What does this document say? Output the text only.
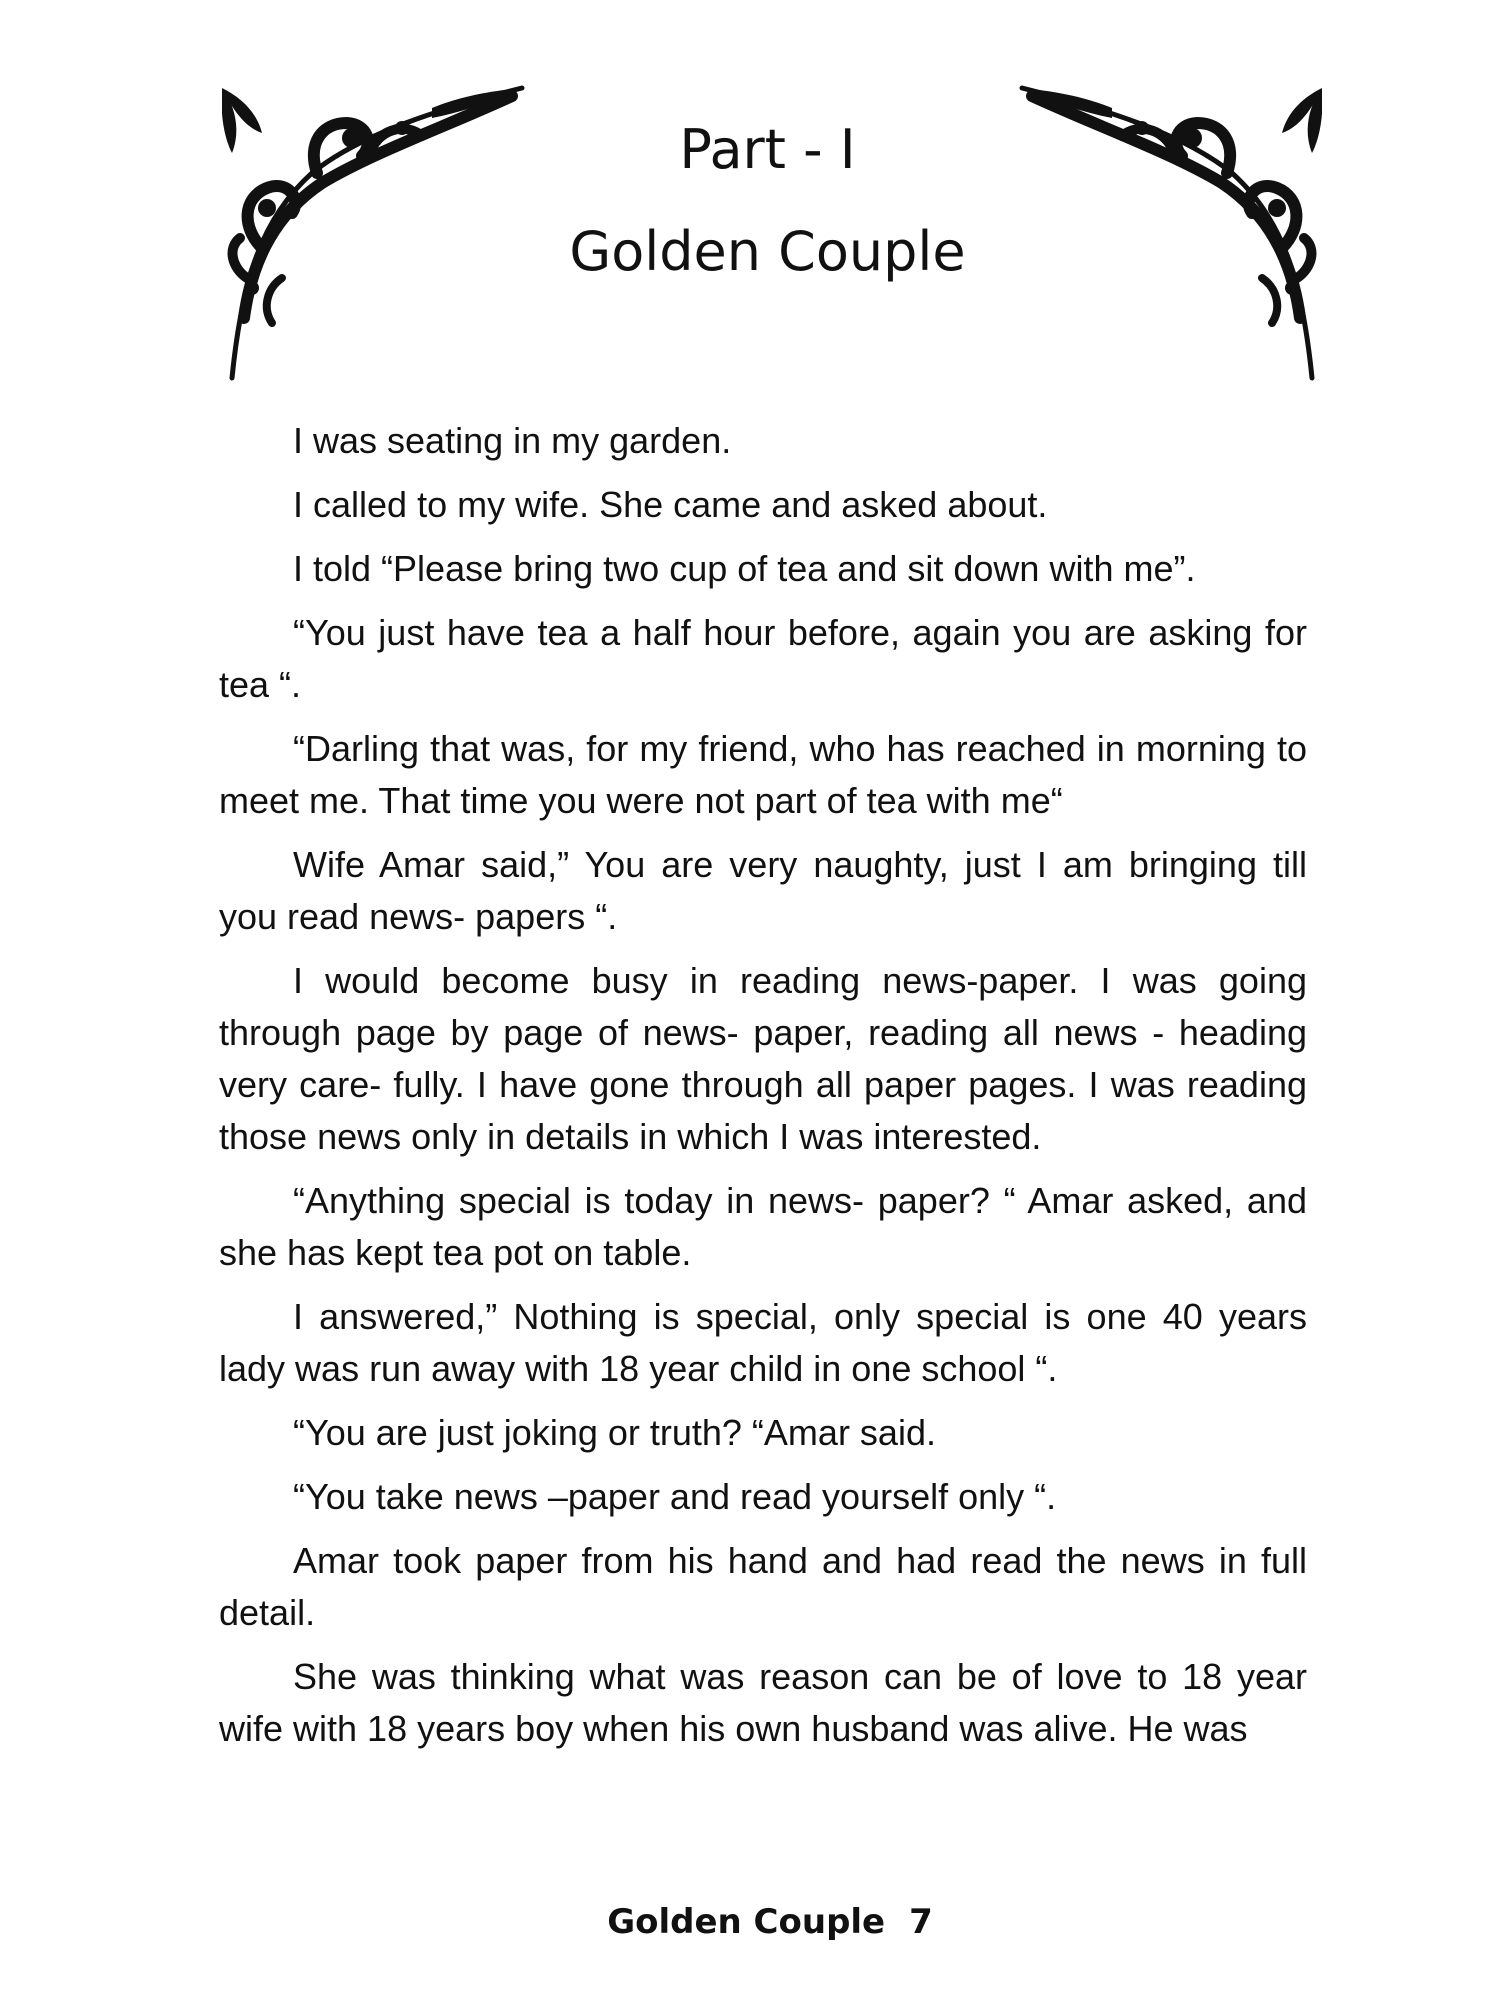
Part - I
Golden Couple

I was seating in my garden.

I called to my wife. She came and asked about.

I told “Please bring two cup of tea and sit down with me”.

“You just have tea a half hour before, again you are asking for tea “.

“Darling that was, for my friend, who has reached in morning to meet me. That time you were not part of tea with me“

Wife Amar said,” You are very naughty, just I am bringing till you read news- papers “.

I would become busy in reading news-paper. I was going through page by page of news- paper, reading all news - heading very care- fully. I have gone through all paper pages. I was reading those news only in details in which I was interested.

“Anything special is today in news- paper? “ Amar asked, and she has kept tea pot on table.

I answered,” Nothing is special, only special is one 40 years lady was run away with 18 year child in one school “.

“You are just joking or truth? “Amar said.

“You take news –paper and read yourself only “.

Amar took paper from his hand and had read the news in full detail.

She was thinking what was reason can be of love to 18 year wife with 18 years boy when his own husband was alive. He was

Golden Couple 7
